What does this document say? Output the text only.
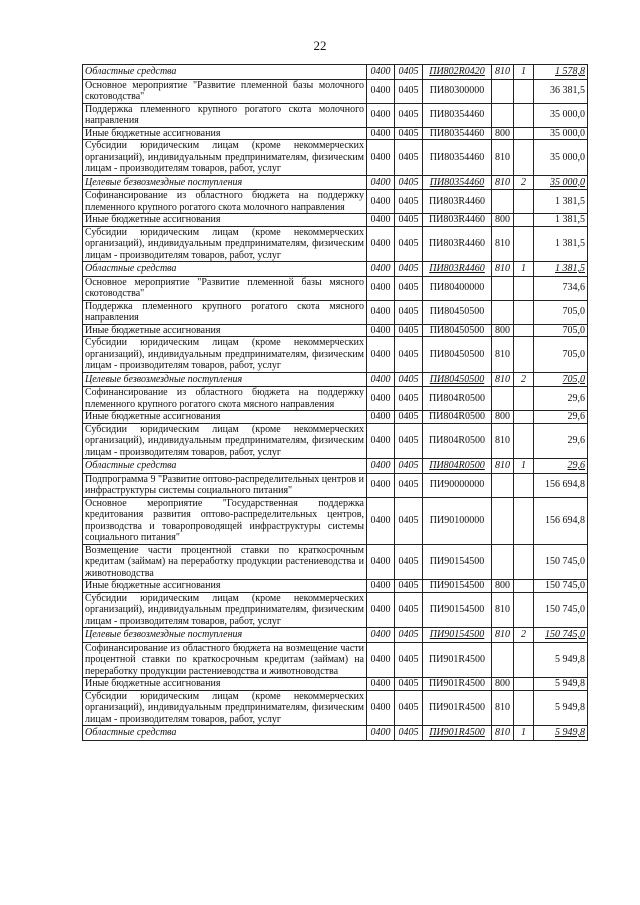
22
Областные средства	0400	0405	ПИ802R0420	810	1	1 578,8
Основное мероприятие "Развитие племенной базы молочного скотоводства"	0400	0405	ПИ80300000			36 381,5
Поддержка племенного крупного рогатого скота молочного направления	0400	0405	ПИ80354460			35 000,0
Иные бюджетные ассигнования	0400	0405	ПИ80354460	800		35 000,0
Субсидии юридическим лицам (кроме некоммерческих организаций), индивидуальным предпринимателям, физическим лицам - производителям товаров, работ, услуг	0400	0405	ПИ80354460	810		35 000,0
Целевые безвозмездные поступления	0400	0405	ПИ80354460	810	2	35 000,0
Софинансирование из областного бюджета на поддержку племенного крупного рогатого скота молочного направления	0400	0405	ПИ803R4460			1 381,5
Иные бюджетные ассигнования	0400	0405	ПИ803R4460	800		1 381,5
Субсидии юридическим лицам (кроме некоммерческих организаций), индивидуальным предпринимателям, физическим лицам - производителям товаров, работ, услуг	0400	0405	ПИ803R4460	810		1 381,5
Областные средства	0400	0405	ПИ803R4460	810	1	1 381,5
Основное мероприятие "Развитие племенной базы мясного скотоводства"	0400	0405	ПИ80400000			734,6
Поддержка племенного крупного рогатого скота мясного направления	0400	0405	ПИ80450500			705,0
Иные бюджетные ассигнования	0400	0405	ПИ80450500	800		705,0
Субсидии юридическим лицам (кроме некоммерческих организаций), индивидуальным предпринимателям, физическим лицам - производителям товаров, работ, услуг	0400	0405	ПИ80450500	810		705,0
Целевые безвозмездные поступления	0400	0405	ПИ80450500	810	2	705,0
Софинансирование из областного бюджета на поддержку племенного крупного рогатого скота мясного направления	0400	0405	ПИ804R0500			29,6
Иные бюджетные ассигнования	0400	0405	ПИ804R0500	800		29,6
Субсидии юридическим лицам (кроме некоммерческих организаций), индивидуальным предпринимателям, физическим лицам - производителям товаров, работ, услуг	0400	0405	ПИ804R0500	810		29,6
Областные средства	0400	0405	ПИ804R0500	810	1	29,6
Подпрограмма 9 "Развитие оптово-распределительных центров и инфраструктуры системы социального питания"	0400	0405	ПИ90000000			156 694,8
Основное мероприятие "Государственная поддержка кредитования развития оптово-распределительных центров, производства и товаропроводящей инфраструктуры системы социального питания"	0400	0405	ПИ90100000			156 694,8
Возмещение части процентной ставки по краткосрочным кредитам (займам) на переработку продукции растениеводства и животноводства	0400	0405	ПИ90154500			150 745,0
Иные бюджетные ассигнования	0400	0405	ПИ90154500	800		150 745,0
Субсидии юридическим лицам (кроме некоммерческих организаций), индивидуальным предпринимателям, физическим лицам - производителям товаров, работ, услуг	0400	0405	ПИ90154500	810		150 745,0
Целевые безвозмездные поступления	0400	0405	ПИ90154500	810	2	150 745,0
Софинансирование из областного бюджета на возмещение части процентной ставки по краткосрочным кредитам (займам) на переработку продукции растениеводства и животноводства	0400	0405	ПИ901R4500			5 949,8
Иные бюджетные ассигнования	0400	0405	ПИ901R4500	800		5 949,8
Субсидии юридическим лицам (кроме некоммерческих организаций), индивидуальным предпринимателям, физическим лицам - производителям товаров, работ, услуг	0400	0405	ПИ901R4500	810		5 949,8
Областные средства	0400	0405	ПИ901R4500	810	1	5 949,8
